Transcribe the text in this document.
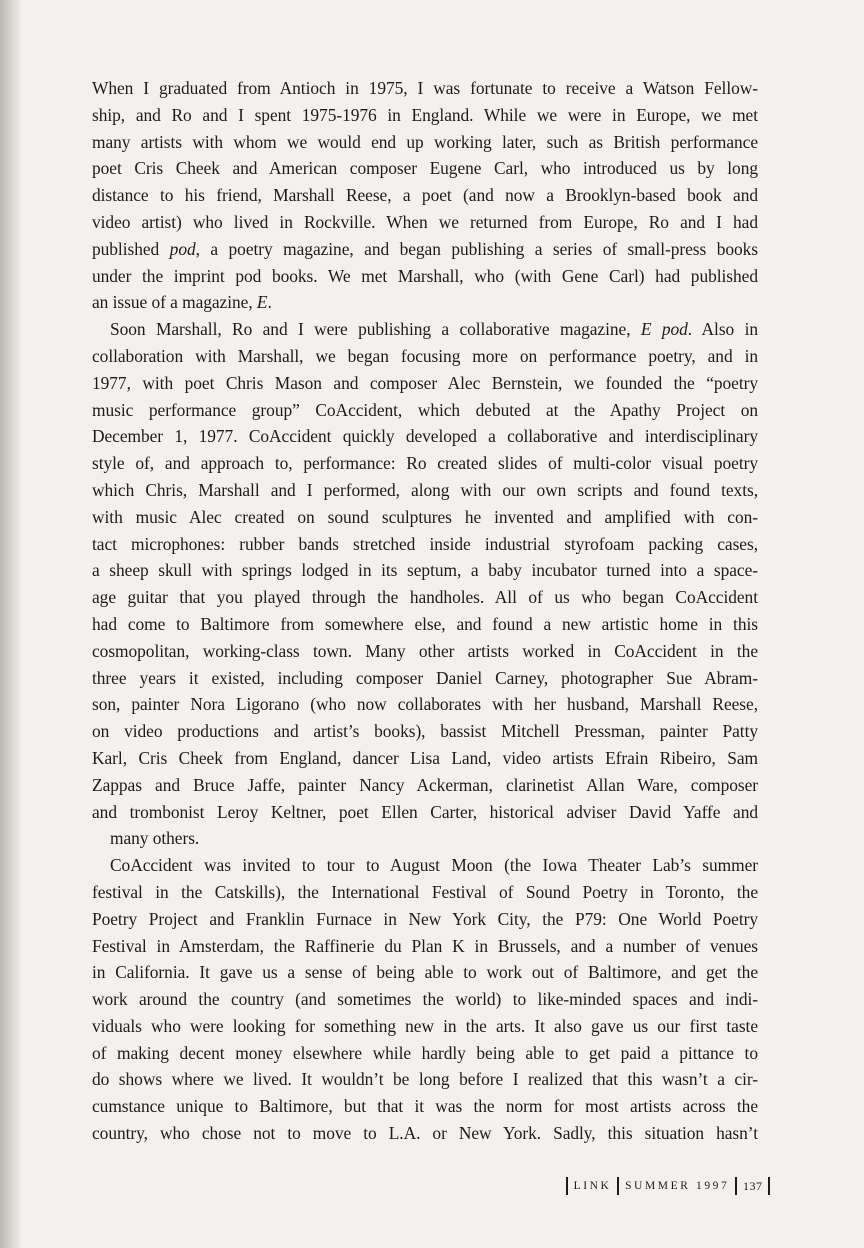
When I graduated from Antioch in 1975, I was fortunate to receive a Watson Fellow-
ship, and Ro and I spent 1975-1976 in England. While we were in Europe, we met
many artists with whom we would end up working later, such as British performance
poet Cris Cheek and American composer Eugene Carl, who introduced us by long
distance to his friend, Marshall Reese, a poet (and now a Brooklyn-based book and
video artist) who lived in Rockville. When we returned from Europe, Ro and I had
published pod, a poetry magazine, and began publishing a series of small-press books
under the imprint pod books. We met Marshall, who (with Gene Carl) had published
an issue of a magazine, E.

Soon Marshall, Ro and I were publishing a collaborative magazine, E pod. Also in
collaboration with Marshall, we began focusing more on performance poetry, and in
1977, with poet Chris Mason and composer Alec Bernstein, we founded the “poetry
music performance group” CoAccident, which debuted at the Apathy Project on
December 1, 1977. CoAccident quickly developed a collaborative and interdisciplinary
style of, and approach to, performance: Ro created slides of multi-color visual poetry
which Chris, Marshall and I performed, along with our own scripts and found texts,
with music Alec created on sound sculptures he invented and amplified with con-
tact microphones: rubber bands stretched inside industrial styrofoam packing cases,
a sheep skull with springs lodged in its septum, a baby incubator turned into a space-
age guitar that you played through the handholes. All of us who began CoAccident
had come to Baltimore from somewhere else, and found a new artistic home in this
cosmopolitan, working-class town. Many other artists worked in CoAccident in the
three years it existed, including composer Daniel Carney, photographer Sue Abram-
son, painter Nora Ligorano (who now collaborates with her husband, Marshall Reese,
on video productions and artist’s books), bassist Mitchell Pressman, painter Patty
Karl, Cris Cheek from England, dancer Lisa Land, video artists Efrain Ribeiro, Sam
Zappas and Bruce Jaffe, painter Nancy Ackerman, clarinetist Allan Ware, composer
and trombonist Leroy Keltner, poet Ellen Carter, historical adviser David Yaffe and
many others.

CoAccident was invited to tour to August Moon (the Iowa Theater Lab’s summer
festival in the Catskills), the International Festival of Sound Poetry in Toronto, the
Poetry Project and Franklin Furnace in New York City, the P79: One World Poetry
Festival in Amsterdam, the Raffinerie du Plan K in Brussels, and a number of venues
in California. It gave us a sense of being able to work out of Baltimore, and get the
work around the country (and sometimes the world) to like-minded spaces and indi-
viduals who were looking for something new in the arts. It also gave us our first taste
of making decent money elsewhere while hardly being able to get paid a pittance to
do shows where we lived. It wouldn’t be long before I realized that this wasn’t a cir-
cumstance unique to Baltimore, but that it was the norm for most artists across the
country, who chose not to move to L.A. or New York. Sadly, this situation hasn’t

LINK SUMMER 1997 137
